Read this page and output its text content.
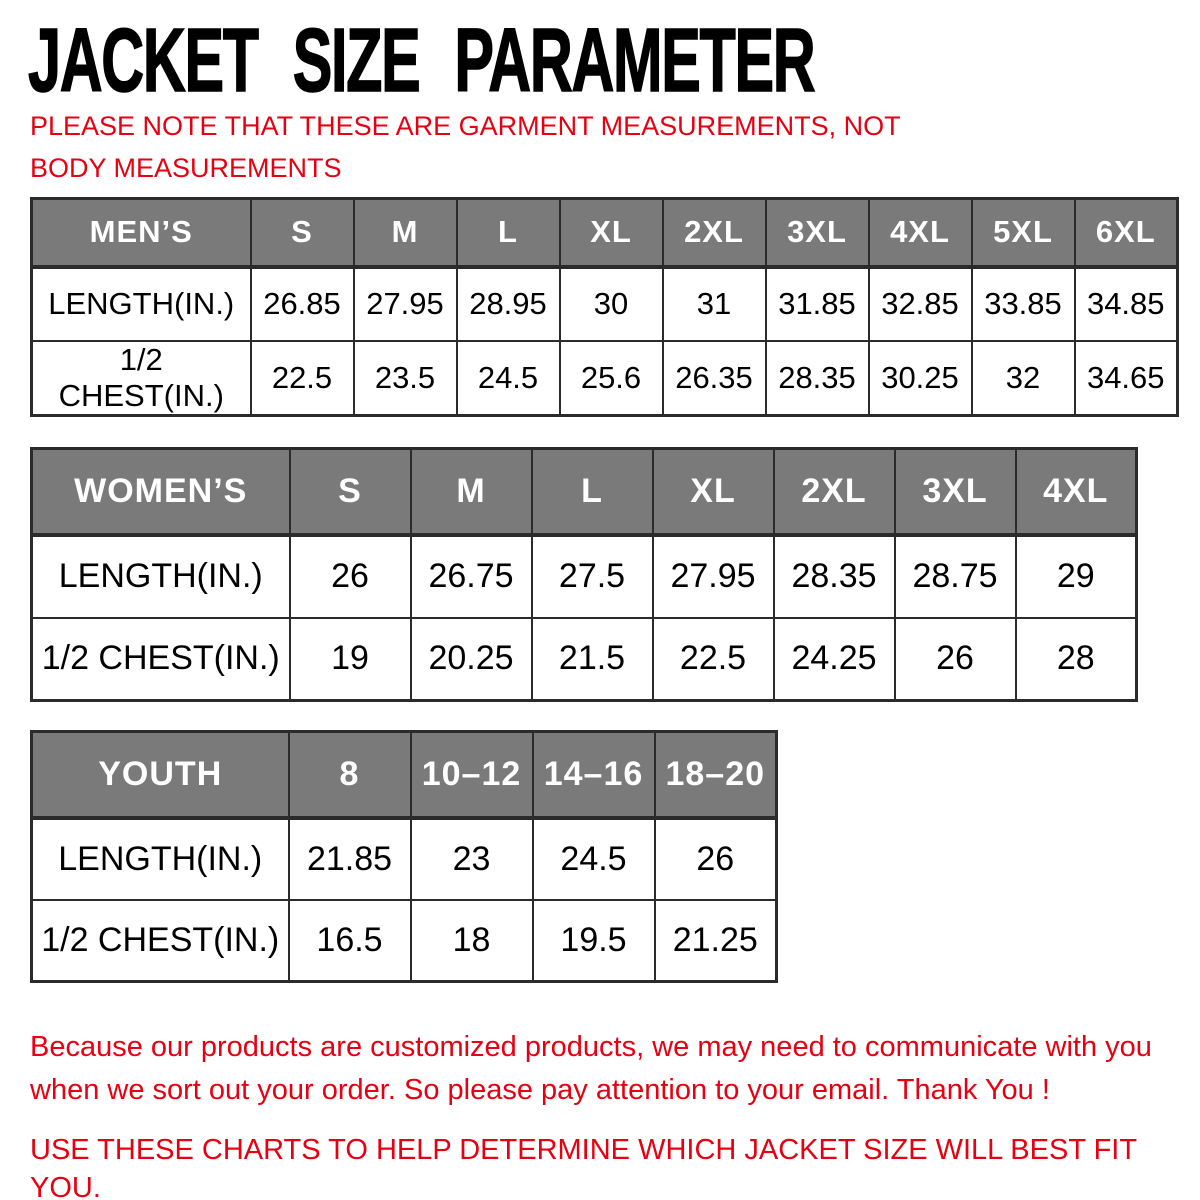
JACKET SIZE PARAMETER

PLEASE NOTE THAT THESE ARE GARMENT MEASUREMENTS, NOT BODY MEASUREMENTS

MEN’S	S	M	L	XL	2XL	3XL	4XL	5XL	6XL
LENGTH(IN.)	26.85	27.95	28.95	30	31	31.85	32.85	33.85	34.85
1/2 CHEST(IN.)	22.5	23.5	24.5	25.6	26.35	28.35	30.25	32	34.65
WOMEN’S	S	M	L	XL	2XL	3XL	4XL
LENGTH(IN.)	26	26.75	27.5	27.95	28.35	28.75	29
1/2 CHEST(IN.)	19	20.25	21.5	22.5	24.25	26	28
YOUTH	8	10–12	14–16	18–20
LENGTH(IN.)	21.85	23	24.5	26
1/2 CHEST(IN.)	16.5	18	19.5	21.25

Because our products are customized products, we may need to communicate with you
when we sort out your order. So please pay attention to your email. Thank You !

USE THESE CHARTS TO HELP DETERMINE WHICH JACKET SIZE WILL BEST FIT YOU.
